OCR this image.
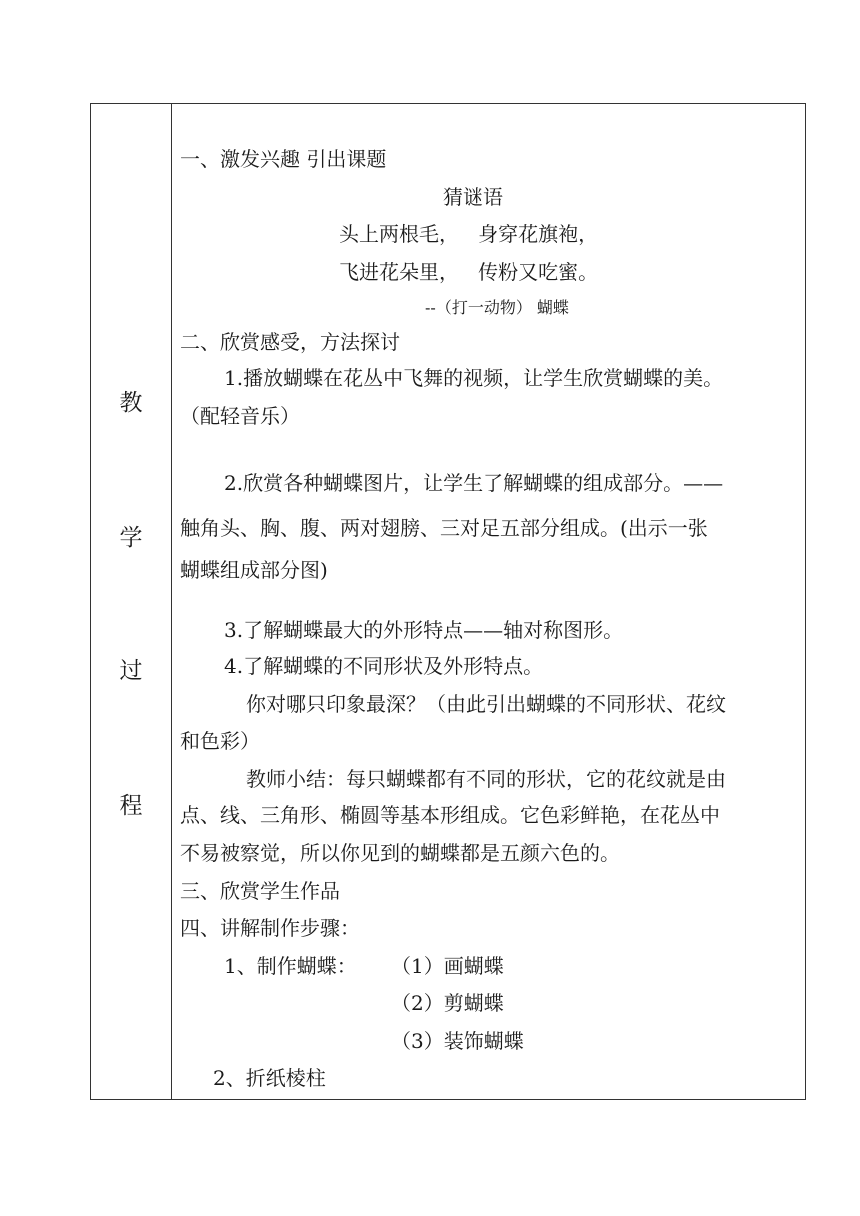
教
学
过
程
一、激发兴趣 引出课题
猜谜语
头上两根毛，   身穿花旗袍，
飞进花朵里，   传粉又吃蜜。
--（打一动物） 蝴蝶
二、欣赏感受，方法探讨
1.播放蝴蝶在花丛中飞舞的视频，让学生欣赏蝴蝶的美。
（配轻音乐）
2.欣赏各种蝴蝶图片，让学生了解蝴蝶的组成部分。——
触角头、胸、腹、两对翅膀、三对足五部分组成。(出示一张
蝴蝶组成部分图)
3.了解蝴蝶最大的外形特点——轴对称图形。
4.了解蝴蝶的不同形状及外形特点。
你对哪只印象最深？（由此引出蝴蝶的不同形状、花纹
和色彩）
教师小结：每只蝴蝶都有不同的形状，它的花纹就是由
点、线、三角形、椭圆等基本形组成。它色彩鲜艳，在花丛中
不易被察觉，所以你见到的蝴蝶都是五颜六色的。
三、欣赏学生作品
四、讲解制作步骤：
1、制作蝴蝶： （1）画蝴蝶
（2）剪蝴蝶
（3）装饰蝴蝶
2、折纸棱柱
